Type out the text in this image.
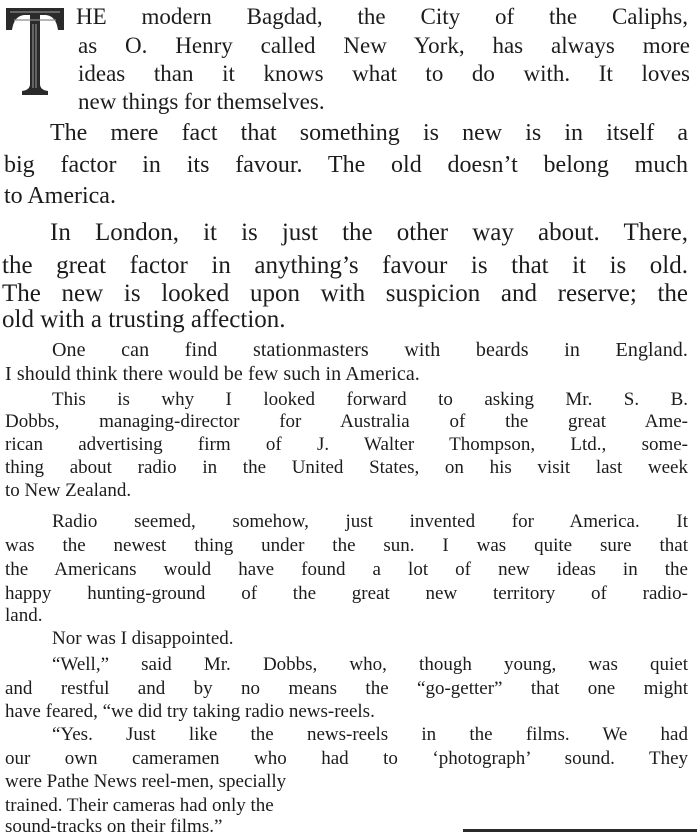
HE modern Bagdad, the City of the Caliphs,
as O. Henry called New York, has always more
ideas than it knows what to do with. It loves
new things for themselves.
The mere fact that something is new is in itself a
big factor in its favour. The old doesn’t belong much
to America.
In London, it is just the other way about. There,
the great factor in anything’s favour is that it is old.
The new is looked upon with suspicion and reserve; the
old with a trusting affection.
One can find stationmasters with beards in England.
I should think there would be few such in America.
This is why I looked forward to asking Mr. S. B.
Dobbs, managing-director for Australia of the great Ame-
rican advertising firm of J. Walter Thompson, Ltd., some-
thing about radio in the United States, on his visit last week
to New Zealand.
Radio seemed, somehow, just invented for America. It
was the newest thing under the sun. I was quite sure that
the Americans would have found a lot of new ideas in the
happy hunting-ground of the great new territory of radio-
land.
Nor was I disappointed.
“Well,” said Mr. Dobbs, who, though young, was quiet
and restful and by no means the “go-getter” that one might
have feared, “we did try taking radio news-reels.
“Yes. Just like the news-reels in the films. We had
our own cameramen who had to ‘photograph’ sound. They
were Pathe News reel-men, specially
trained. Their cameras had only the
sound-tracks on their films.”
